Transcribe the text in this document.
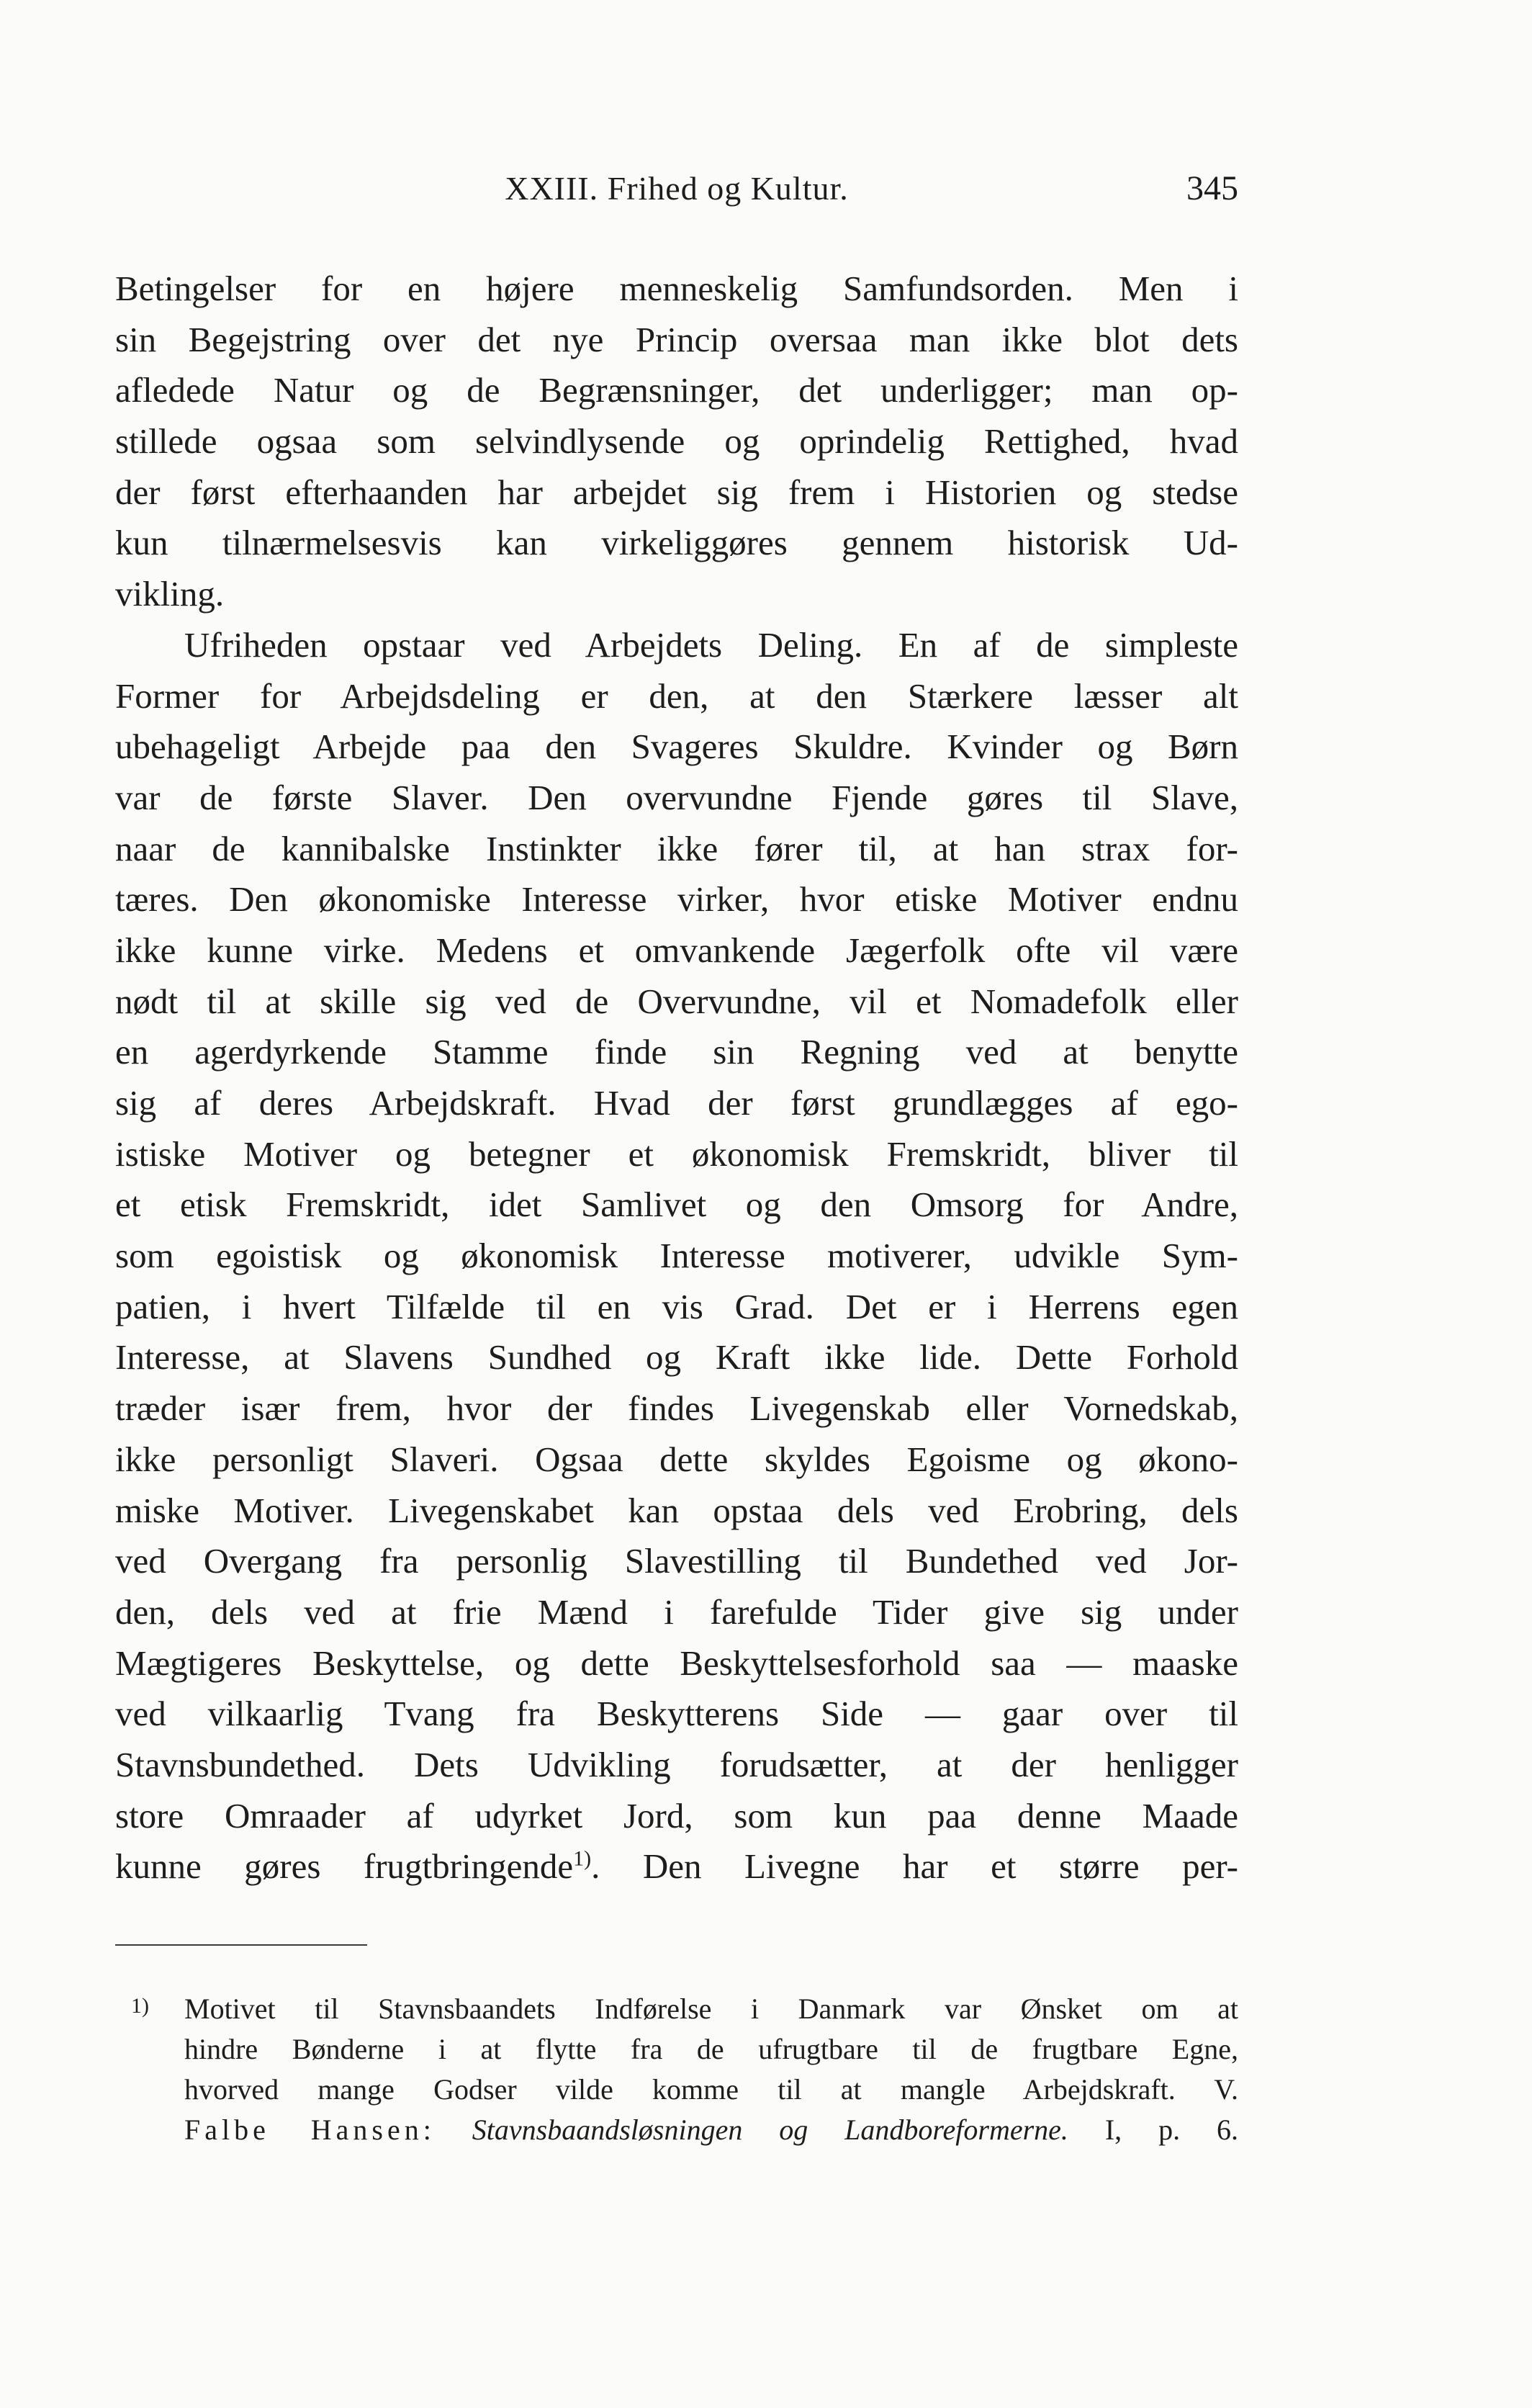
XXIII. Frihed og Kultur.	345
Betingelser for en højere menneskelig Samfundsorden. Men i
sin Begejstring over det nye Princip oversaa man ikke blot dets
afledede Natur og de Begrænsninger, det underligger; man op-
stillede ogsaa som selvindlysende og oprindelig Rettighed, hvad
der først efterhaanden har arbejdet sig frem i Historien og stedse
kun tilnærmelsesvis kan virkeliggøres gennem historisk Ud-
vikling.
Ufriheden opstaar ved Arbejdets Deling. En af de simpleste
Former for Arbejdsdeling er den, at den Stærkere læsser alt
ubehageligt Arbejde paa den Svageres Skuldre. Kvinder og Børn
var de første Slaver. Den overvundne Fjende gøres til Slave,
naar de kannibalske Instinkter ikke fører til, at han strax for-
tæres. Den økonomiske Interesse virker, hvor etiske Motiver endnu
ikke kunne virke. Medens et omvankende Jægerfolk ofte vil være
nødt til at skille sig ved de Overvundne, vil et Nomadefolk eller
en agerdyrkende Stamme finde sin Regning ved at benytte
sig af deres Arbejdskraft. Hvad der først grundlægges af ego-
istiske Motiver og betegner et økonomisk Fremskridt, bliver til
et etisk Fremskridt, idet Samlivet og den Omsorg for Andre,
som egoistisk og økonomisk Interesse motiverer, udvikle Sym-
patien, i hvert Tilfælde til en vis Grad. Det er i Herrens egen
Interesse, at Slavens Sundhed og Kraft ikke lide. Dette Forhold
træder især frem, hvor der findes Livegenskab eller Vornedskab,
ikke personligt Slaveri. Ogsaa dette skyldes Egoisme og økono-
miske Motiver. Livegenskabet kan opstaa dels ved Erobring, dels
ved Overgang fra personlig Slavestilling til Bundethed ved Jor-
den, dels ved at frie Mænd i farefulde Tider give sig under
Mægtigeres Beskyttelse, og dette Beskyttelsesforhold saa — maaske
ved vilkaarlig Tvang fra Beskytterens Side — gaar over til
Stavnsbundethed. Dets Udvikling forudsætter, at der henligger
store Omraader af udyrket Jord, som kun paa denne Maade
kunne gøres frugtbringende$^{1)}$. Den Livegne har et større per-
1)	Motivet til Stavnsbaandets Indførelse i Danmark var Ønsket om at
hindre Bønderne i at flytte fra de ufrugtbare til de frugtbare Egne,
hvorved mange Godser vilde komme til at mangle Arbejdskraft. V.
Falbe Hansen: Stavnsbaandsløsningen og Landboreformerne. I, p. 6.
